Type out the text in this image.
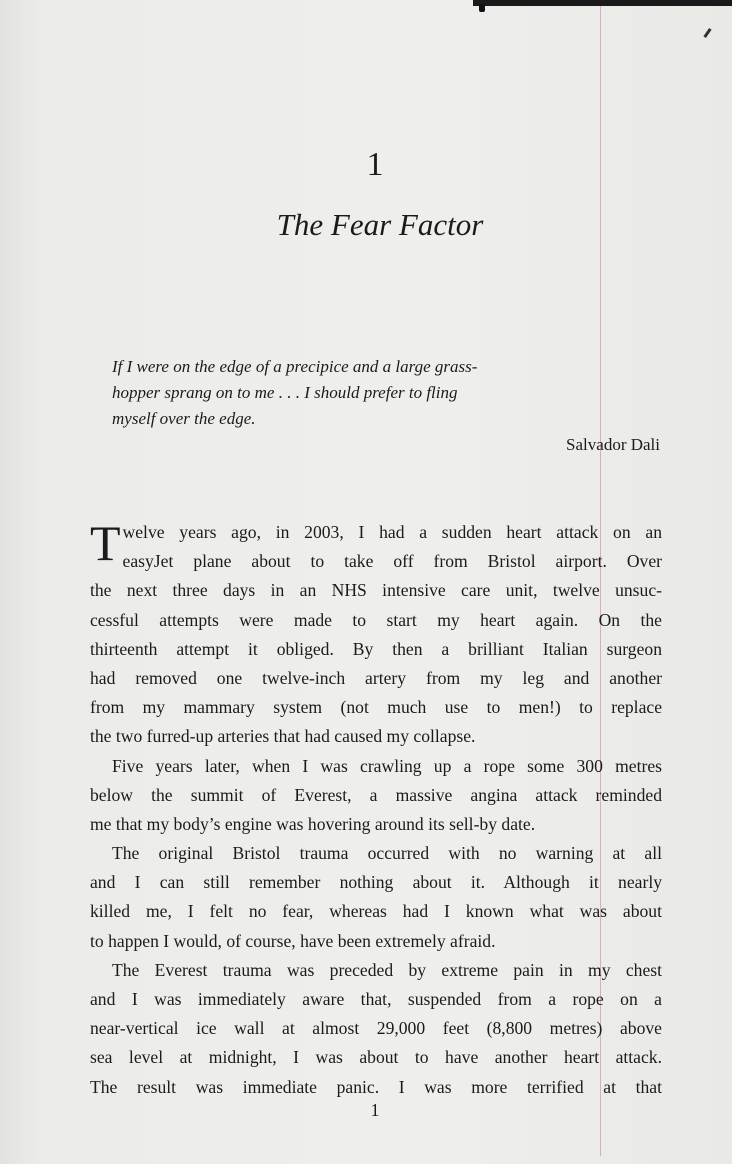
1
The Fear Factor
If I were on the edge of a precipice and a large grass-
hopper sprang on to me . . . I should prefer to fling
myself over the edge.
Salvador Dali
T welve years ago, in 2003, I had a sudden heart attack on an
easyJet plane about to take off from Bristol airport. Over
the next three days in an NHS intensive care unit, twelve unsuc-
cessful attempts were made to start my heart again. On the
thirteenth attempt it obliged. By then a brilliant Italian surgeon
had removed one twelve-inch artery from my leg and another
from my mammary system (not much use to men!) to replace
the two furred-up arteries that had caused my collapse.
Five years later, when I was crawling up a rope some 300 metres
below the summit of Everest, a massive angina attack reminded
me that my body’s engine was hovering around its sell-by date.
The original Bristol trauma occurred with no warning at all
and I can still remember nothing about it. Although it nearly
killed me, I felt no fear, whereas had I known what was about
to happen I would, of course, have been extremely afraid.
The Everest trauma was preceded by extreme pain in my chest
and I was immediately aware that, suspended from a rope on a
near-vertical ice wall at almost 29,000 feet (8,800 metres) above
sea level at midnight, I was about to have another heart attack.
The result was immediate panic. I was more terrified at that
1
